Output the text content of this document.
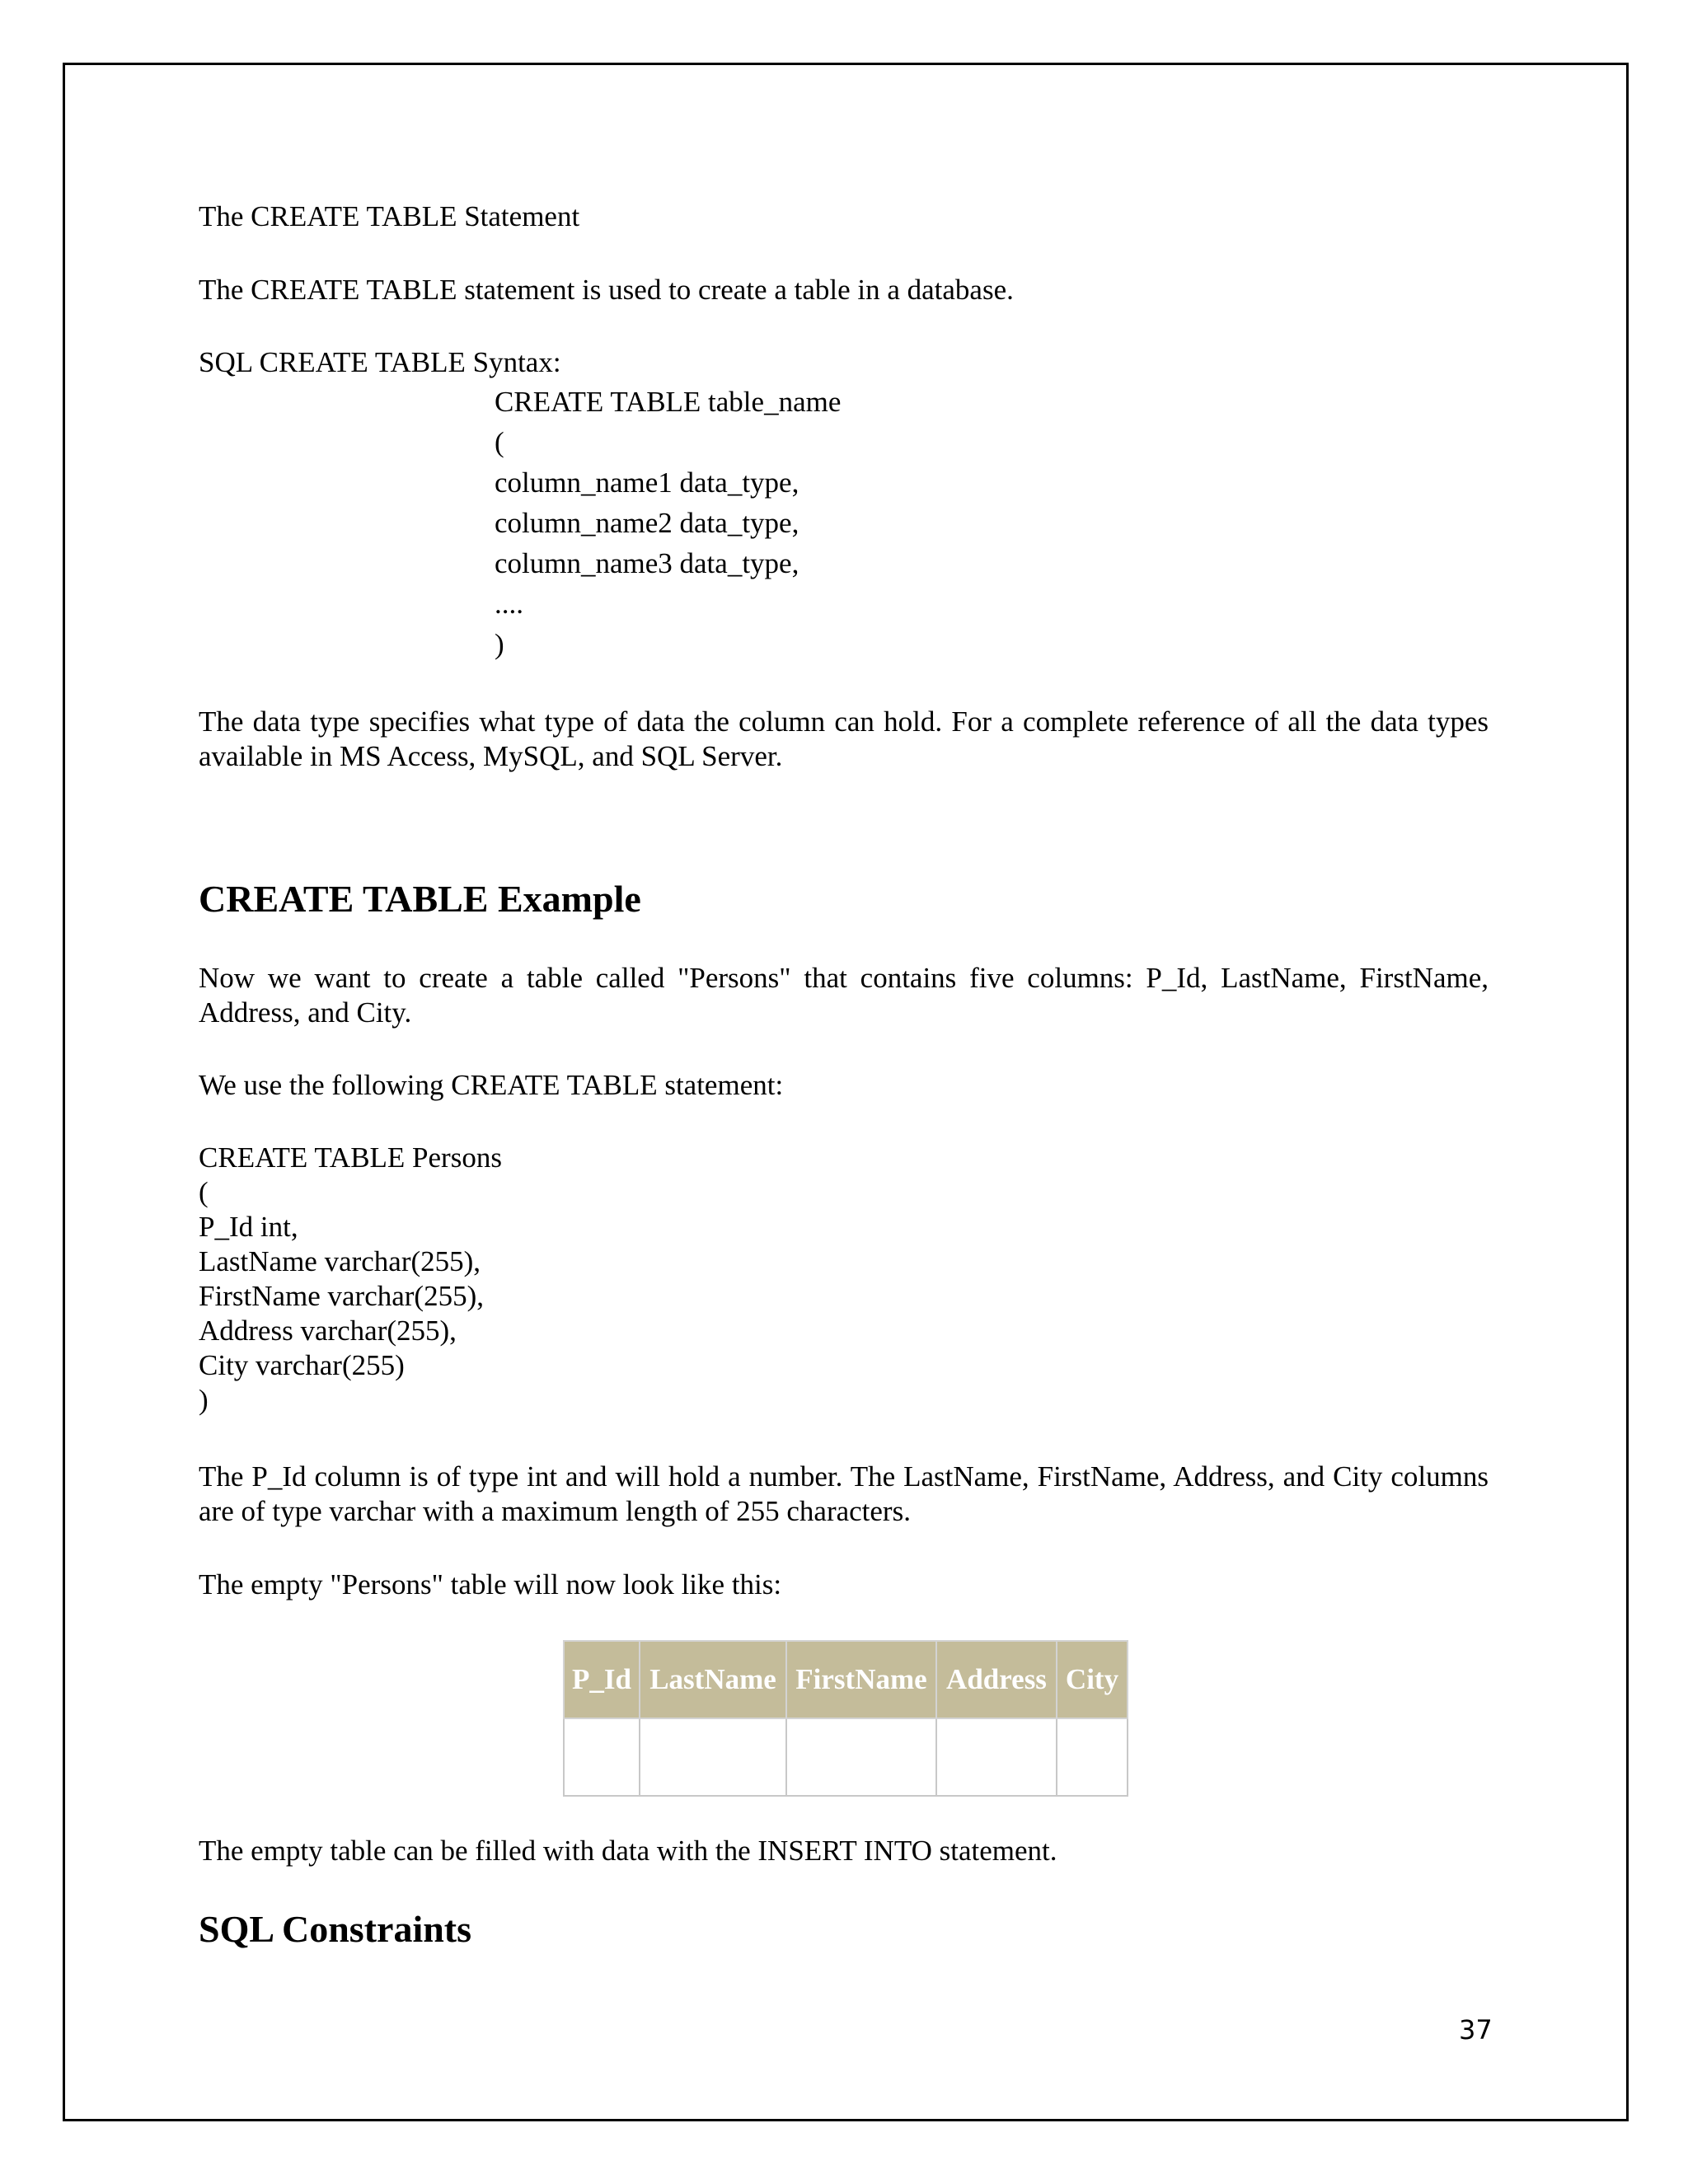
The CREATE TABLE Statement

The CREATE TABLE statement is used to create a table in a database.

SQL CREATE TABLE Syntax:

CREATE TABLE table_name

(

column_name1 data_type,

column_name2 data_type,

column_name3 data_type,

....

)

The data type specifies what type of data the column can hold. For a complete reference of all the data types available in MS Access, MySQL, and SQL Server.

CREATE TABLE Example

Now we want to create a table called "Persons" that contains five columns: P_Id, LastName, FirstName, Address, and City.

We use the following CREATE TABLE statement:

CREATE TABLE Persons

(

P_Id int,

LastName varchar(255),

FirstName varchar(255),

Address varchar(255),

City varchar(255)

)

The P_Id column is of type int and will hold a number. The LastName, FirstName, Address, and City columns are of type varchar with a maximum length of 255 characters.

The empty "Persons" table will now look like this:

P_Id	LastName	FirstName	Address	City

The empty table can be filled with data with the INSERT INTO statement.

SQL Constraints
37
